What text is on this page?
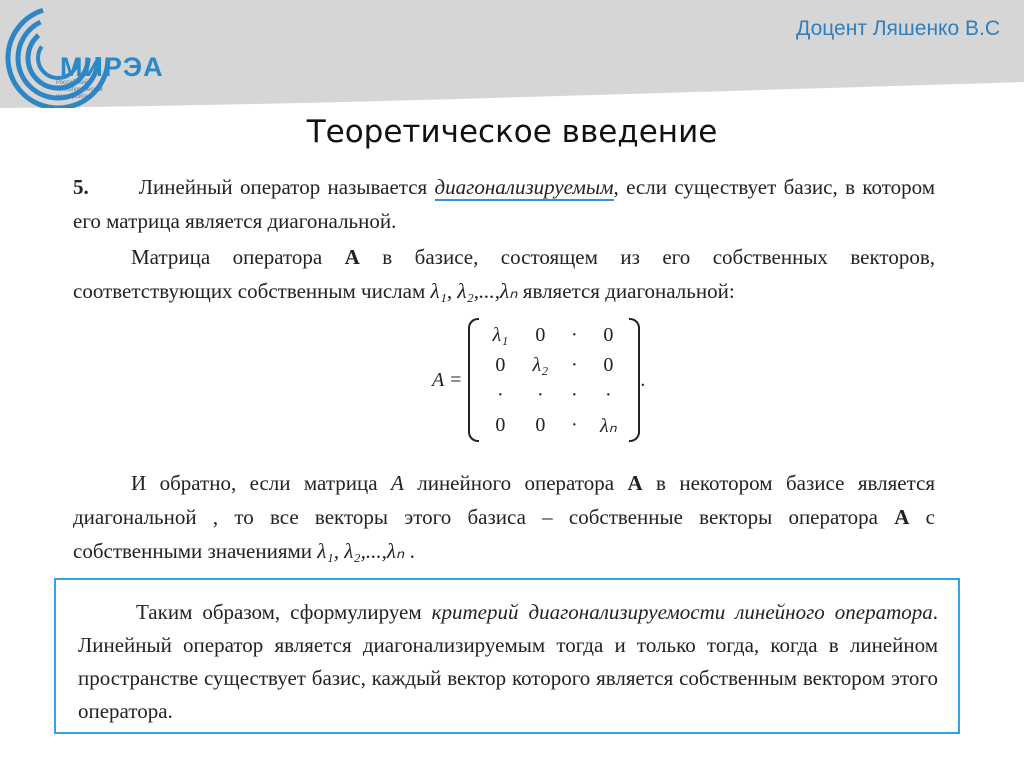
МИРЭА
Российский технологический университет
Доцент Ляшенко В.С
Теоретическое введение
5. Линейный оператор называется диагонализируемым, если существует базис, в котором его матрица является диагональной.
Матрица оператора A в базисе, состоящем из его собственных векторов, соответствующих собственным числам λ₁, λ₂,...,λₙ является диагональной:
A =
λ₁	0	·	0
0	λ₂	·	0
·	·	·	·
0	0	·	λₙ
.
И обратно, если матрица A линейного оператора A в некотором базисе является диагональной , то все векторы этого базиса – собственные векторы оператора A с собственными значениями λ₁, λ₂,...,λₙ .
Таким образом, сформулируем критерий диагонализируемости линейного оператора. Линейный оператор является диагонализируемым тогда и только тогда, когда в линейном пространстве существует базис, каждый вектор которого является собственным вектором этого оператора.
